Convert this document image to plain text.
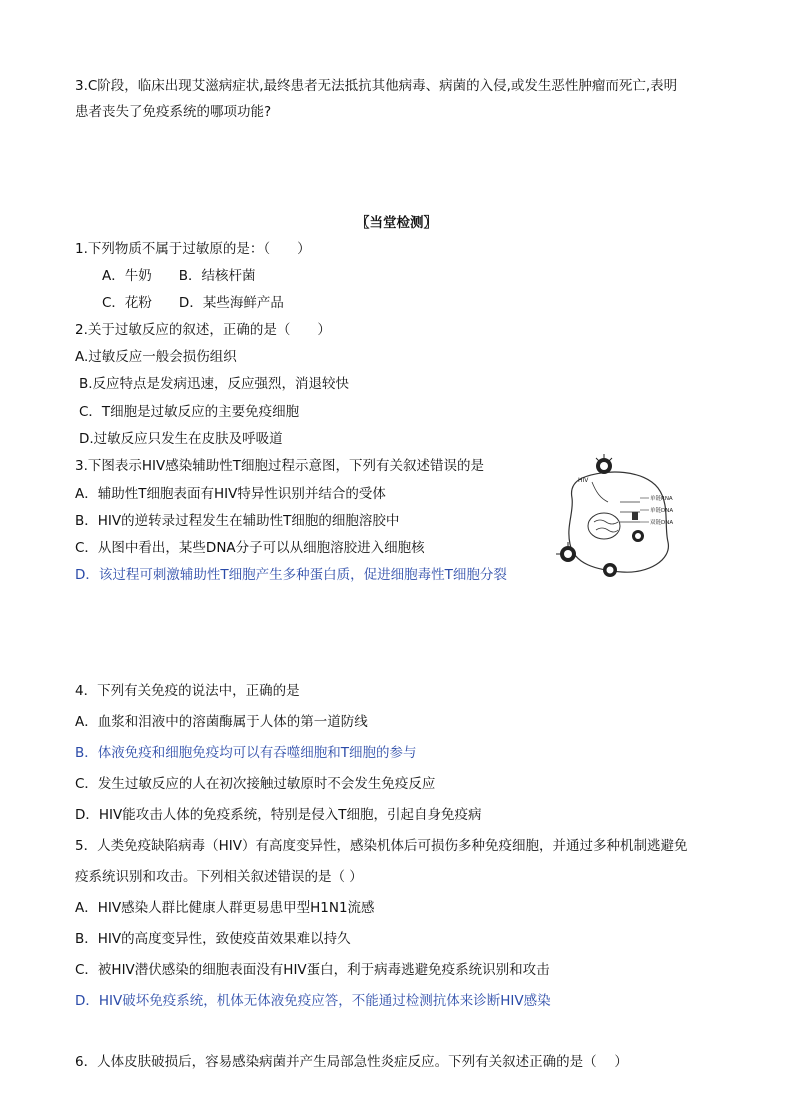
3.C阶段，临床出现艾滋病症状,最终患者无法抵抗其他病毒、病菌的入侵,或发生恶性肿瘤而死亡,表明
患者丧失了免疫系统的哪项功能?
〖当堂检测〗
1.下列物质不属于过敏原的是：（　　）
A．牛奶　　B．结核杆菌
C．花粉　　D．某些海鲜产品
2.关于过敏反应的叙述，正确的是（　　）
A.过敏反应一般会损伤组织
B.反应特点是发病迅速，反应强烈，消退较快
C．T细胞是过敏反应的主要免疫细胞
D.过敏反应只发生在皮肤及呼吸道
3.下图表示HIV感染辅助性T细胞过程示意图，下列有关叙述错误的是
A．辅助性T细胞表面有HIV特异性识别并结合的受体
B．HIV的逆转录过程发生在辅助性T细胞的细胞溶胶中
C．从图中看出，某些DNA分子可以从细胞溶胶进入细胞核
D．该过程可刺激辅助性T细胞产生多种蛋白质，促进细胞毒性T细胞分裂
HIV
单链RNA
单链DNA
双链DNA
4．下列有关免疫的说法中，正确的是
A．血浆和泪液中的溶菌酶属于人体的第一道防线
B．体液免疫和细胞免疫均可以有吞噬细胞和T细胞的参与
C．发生过敏反应的人在初次接触过敏原时不会发生免疫反应
D．HIV能攻击人体的免疫系统，特别是侵入T细胞，引起自身免疫病
5．人类免疫缺陷病毒（HIV）有高度变异性，感染机体后可损伤多种免疫细胞，并通过多种机制逃避免
疫系统识别和攻击。下列相关叙述错误的是（ ）
A．HIV感染人群比健康人群更易患甲型H1N1流感
B．HIV的高度变异性，致使疫苗效果难以持久
C．被HIV潜伏感染的细胞表面没有HIV蛋白，利于病毒逃避免疫系统识别和攻击
D．HIV破坏免疫系统，机体无体液免疫应答，不能通过检测抗体来诊断HIV感染
6．人体皮肤破损后，容易感染病菌并产生局部急性炎症反应。下列有关叙述正确的是（　 ）
